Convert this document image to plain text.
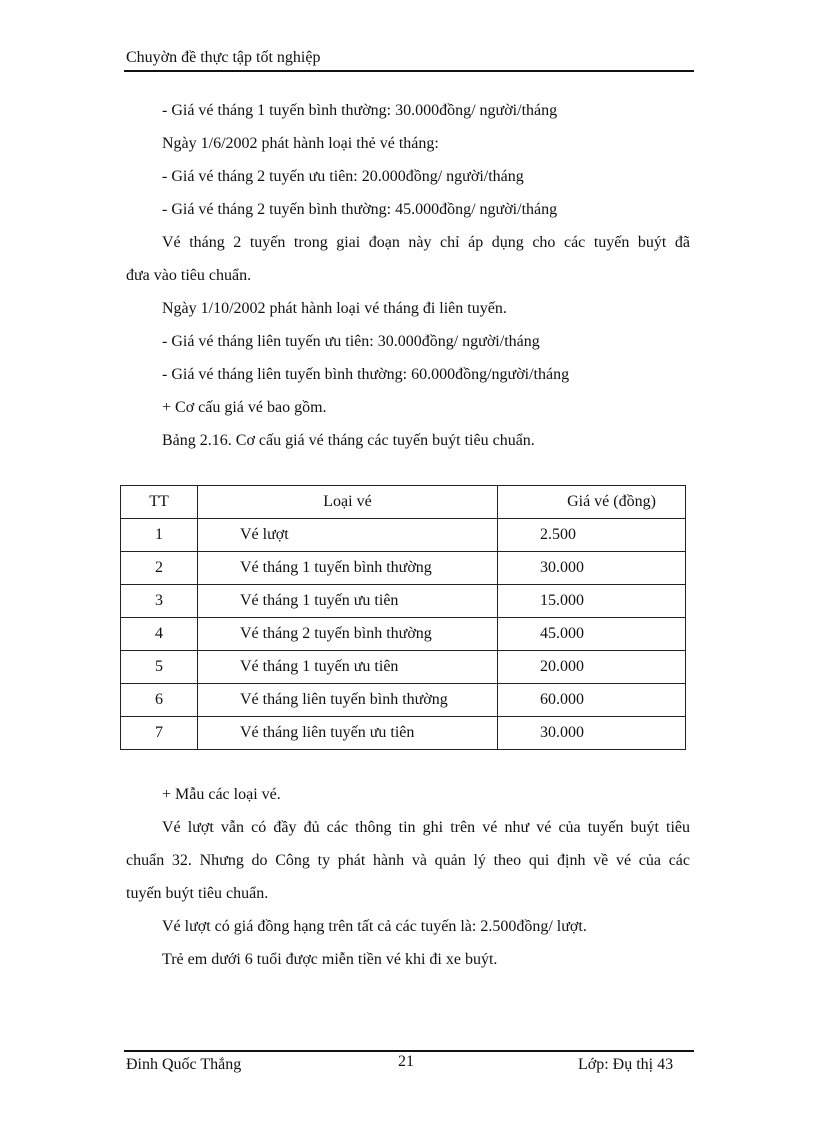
Chuyờn đề thực tập tốt nghiệp
- Giá vé tháng 1 tuyến bình thường: 30.000đồng/ người/tháng
Ngày 1/6/2002 phát hành loại thẻ vé tháng:
- Giá vé tháng 2 tuyến ưu tiên: 20.000đồng/ người/tháng
- Giá vé tháng 2 tuyến bình thường: 45.000đồng/ người/tháng
Vé tháng 2 tuyến trong giai đoạn này chỉ áp dụng cho các tuyến buýt đã
đưa vào tiêu chuẩn.
Ngày 1/10/2002 phát hành loại vé tháng đi liên tuyến.
- Giá vé tháng liên tuyến ưu tiên: 30.000đồng/ người/tháng
- Giá vé tháng liên tuyến bình thường: 60.000đồng/người/tháng
+ Cơ cấu giá vé bao gồm.
Bảng 2.16. Cơ cấu giá vé tháng các tuyến buýt tiêu chuẩn.
TT	Loại vé	Giá vé (đồng)
1	Vé lượt	2.500
2	Vé tháng 1 tuyến bình thường	30.000
3	Vé tháng 1 tuyến ưu tiên	15.000
4	Vé tháng 2 tuyến bình thường	45.000
5	Vé tháng 1 tuyến ưu tiên	20.000
6	Vé tháng liên tuyến bình thường	60.000
7	Vé tháng liên tuyến ưu tiên	30.000
+ Mẫu các loại vé.
Vé lượt vẫn có đầy đủ các thông tin ghi trên vé như vé của tuyến buýt tiêu
chuẩn 32. Nhưng do Công ty phát hành và quản lý theo qui định về vé của các
tuyến buýt tiêu chuẩn.
Vé lượt có giá đồng hạng trên tất cả các tuyến là: 2.500đồng/ lượt.
Trẻ em dưới 6 tuổi được miễn tiền vé khi đi xe buýt.
Đinh Quốc Thắng	21	Lớp: Đụ thị 43
